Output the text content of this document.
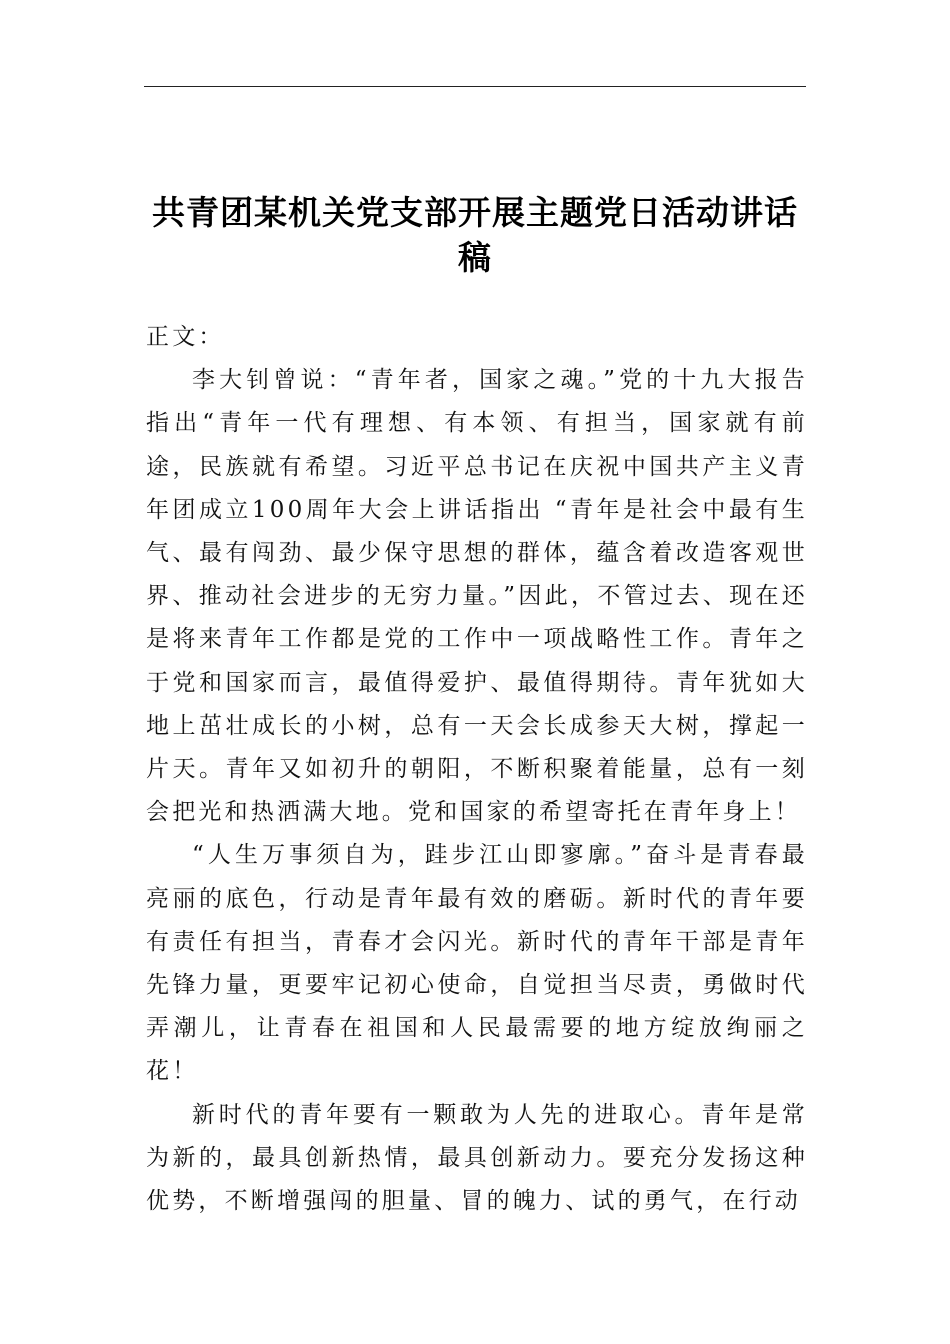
共青团某机关党支部开展主题党日活动讲话稿

正文：

李大钊曾说：“青年者，国家之魂。”党的十九大报告指出“青年一代有理想、有本领、有担当，国家就有前途，民族就有希望。习近平总书记在庆祝中国共产主义青年团成立100周年大会上讲话指出 “青年是社会中最有生气、最有闯劲、最少保守思想的群体，蕴含着改造客观世界、推动社会进步的无穷力量。”因此，不管过去、现在还是将来青年工作都是党的工作中一项战略性工作。青年之于党和国家而言，最值得爱护、最值得期待。青年犹如大地上茁壮成长的小树，总有一天会长成参天大树，撑起一片天。青年又如初升的朝阳，不断积聚着能量，总有一刻会把光和热洒满大地。党和国家的希望寄托在青年身上！

“人生万事须自为，跬步江山即寥廓。”奋斗是青春最亮丽的底色，行动是青年最有效的磨砺。新时代的青年要有责任有担当，青春才会闪光。新时代的青年干部是青年先锋力量，更要牢记初心使命，自觉担当尽责，勇做时代弄潮儿，让青春在祖国和人民最需要的地方绽放绚丽之花！

新时代的青年要有一颗敢为人先的进取心。青年是常为新的，最具创新热情，最具创新动力。要充分发扬这种优势，不断增强闯的胆量、冒的魄力、试的勇气，在行动
